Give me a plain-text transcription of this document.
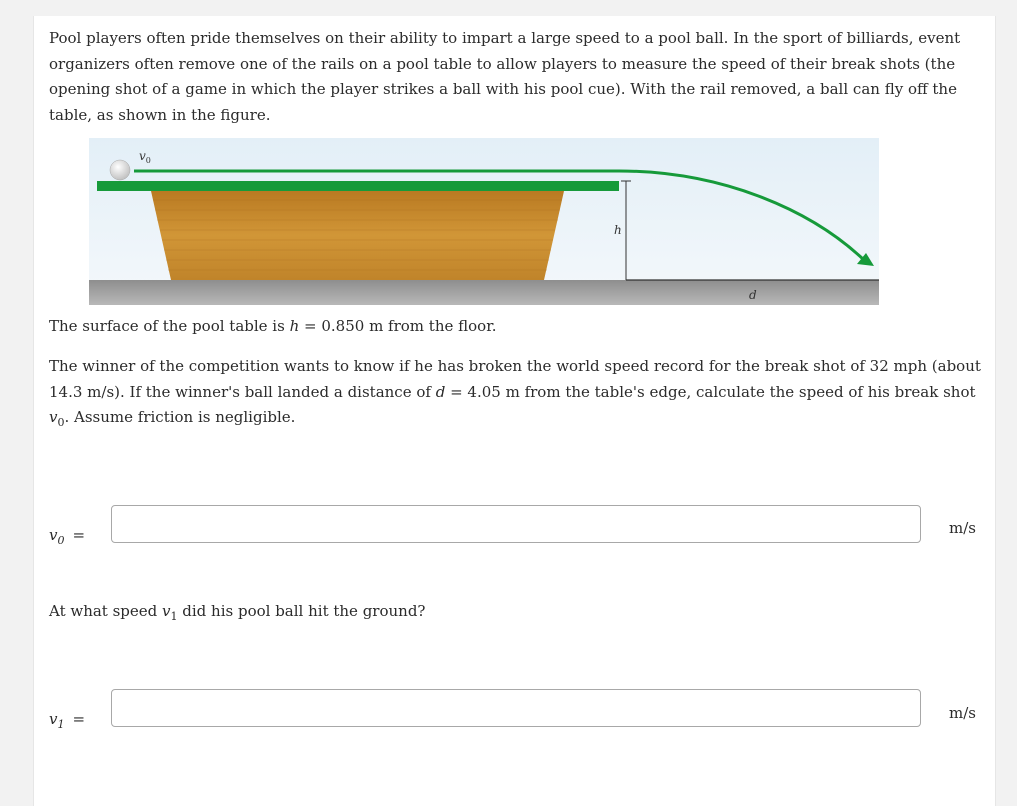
Pool players often pride themselves on their ability to impart a large speed to a pool ball. In the sport of billiards, event organizers often remove one of the rails on a pool table to allow players to measure the speed of their break shots (the opening shot of a game in which the player strikes a ball with his pool cue). With the rail removed, a ball can fly off the table, as shown in the figure.

$v_0$
h
d

The surface of the pool table is h = 0.850 m from the floor.

The winner of the competition wants to know if he has broken the world speed record for the break shot of 32 mph (about 14.3 m/s). If the winner's ball landed a distance of d = 4.05 m from the table's edge, calculate the speed of his break shot $v_0$. Assume friction is negligible.

$v_0$ =	m/s

At what speed $v_1$ did his pool ball hit the ground?

$v_1$ =	m/s
